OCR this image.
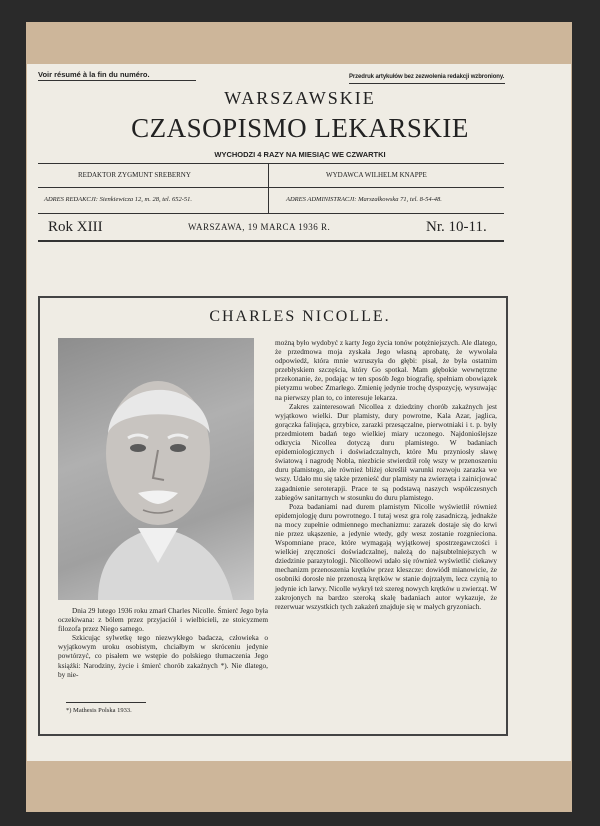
Voir résumé à la fin du numéro.	Przedruk artykułów bez zezwolenia redakcji wzbroniony.
WARSZAWSKIE
CZASOPISMO LEKARSKIE
WYCHODZI 4 RAZY NA MIESIĄC WE CZWARTKI
REDAKTOR ZYGMUNT SREBERNY	WYDAWCA WILHELM KNAPPE
ADRES REDAKCJI: Sienkiewicza 12, m. 28, tel. 652-51.	ADRES ADMINISTRACJI: Marszałkowska 71, tel. 8-54-48.
Rok XIII	WARSZAWA, 19 MARCA 1936 R.	Nr. 10-11.
CHARLES NICOLLE.

Dnia 29 lutego 1936 roku zmarł Charles Nicolle. Śmierć Jego była oczekiwana: z bólem przez przyjaciół i wielbicieli, ze stoicyzmem filozofa przez Niego samego.

Szkicując sylwetkę tego niezwykłego badacza, człowieka o wyjątkowym uroku osobistym, chciałbym w skróceniu jedynie powtórzyć, co pisałem we wstępie do polskiego tłumaczenia Jego książki: Narodziny, życie i śmierć chorób zakaźnych *). Nie dlatego, by nie-

*) Mathesis Polska 1933.

możną było wydobyć z karty Jego życia tonów potężniejszych. Ale dlatego, że przedmowa moja zyskała Jego własną aprobatę, że wywołała odpowiedź, która mnie wzruszyła do głębi: pisał, że była ostatnim przebłyskiem szczęścia, który Go spotkał. Mam głębokie wewnętrzne przekonanie, że, podając w ten sposób Jego biografię, spełniam obowiązek pietyzmu wobec Zmarłego. Zmienię jedynie trochę dyspozycję, wysuwając na pierwszy plan to, co interesuje lekarza.

Zakres zainteresowań Nicollea z dziedziny chorób zakaźnych jest wyjątkowo wielki. Dur plamisty, dury powrotne, Kala Azar, jaglica, gorączka faliująca, grzybice, zarazki przesączalne, pierwotniaki i t. p. były przedmiotem badań tego wielkiej miary uczonego. Najdonioślejsze odkrycia Nicollea dotyczą duru plamistego. W badaniach epidemiologicznych i doświadczalnych, które Mu przyniosły sławę światową i nagrodę Nobla, niezbicie stwierdził rolę wszy w przenoszeniu duru plamistego, ale również bliżej określił warunki rozwoju zarazka we wszy. Udało mu się także przenieść dur plamisty na zwierzęta i zainicjować zagadnienie seroterapji. Prace te są podstawą naszych współczesnych zabiegów sanitarnych w stosunku do duru plamistego.

Poza badaniami nad durem plamistym Nicolle wyświetlił również epidemjologję duru powrotnego. I tutaj wesz gra rolę zasadniczą, jednakże na mocy zupełnie odmiennego mechanizmu: zarazek dostaje się do krwi nie przez ukąszenie, a jedynie wtedy, gdy wesz zostanie rozgnieciona. Wspomniane prace, które wymagają wyjątkowej spostrzegawczości i wielkiej zręczności doświadczalnej, należą do najsubtelniejszych w dziedzinie parazytologji. Nicolleowi udało się również wyświetlić ciekawy mechanizm przenoszenia krętków przez kleszcze: dowiódł mianowicie, że osobniki dorosłe nie przenoszą krętków w stanie dojrzałym, lecz czynią to jedynie ich larwy. Nicolle wykrył też szereg nowych krętków u zwierząt. W zakrojonych na bardzo szeroką skalę badaniach autor wykazuje, że rezerwuar wszystkich tych zakażeń znajduje się w małych gryzoniach.
